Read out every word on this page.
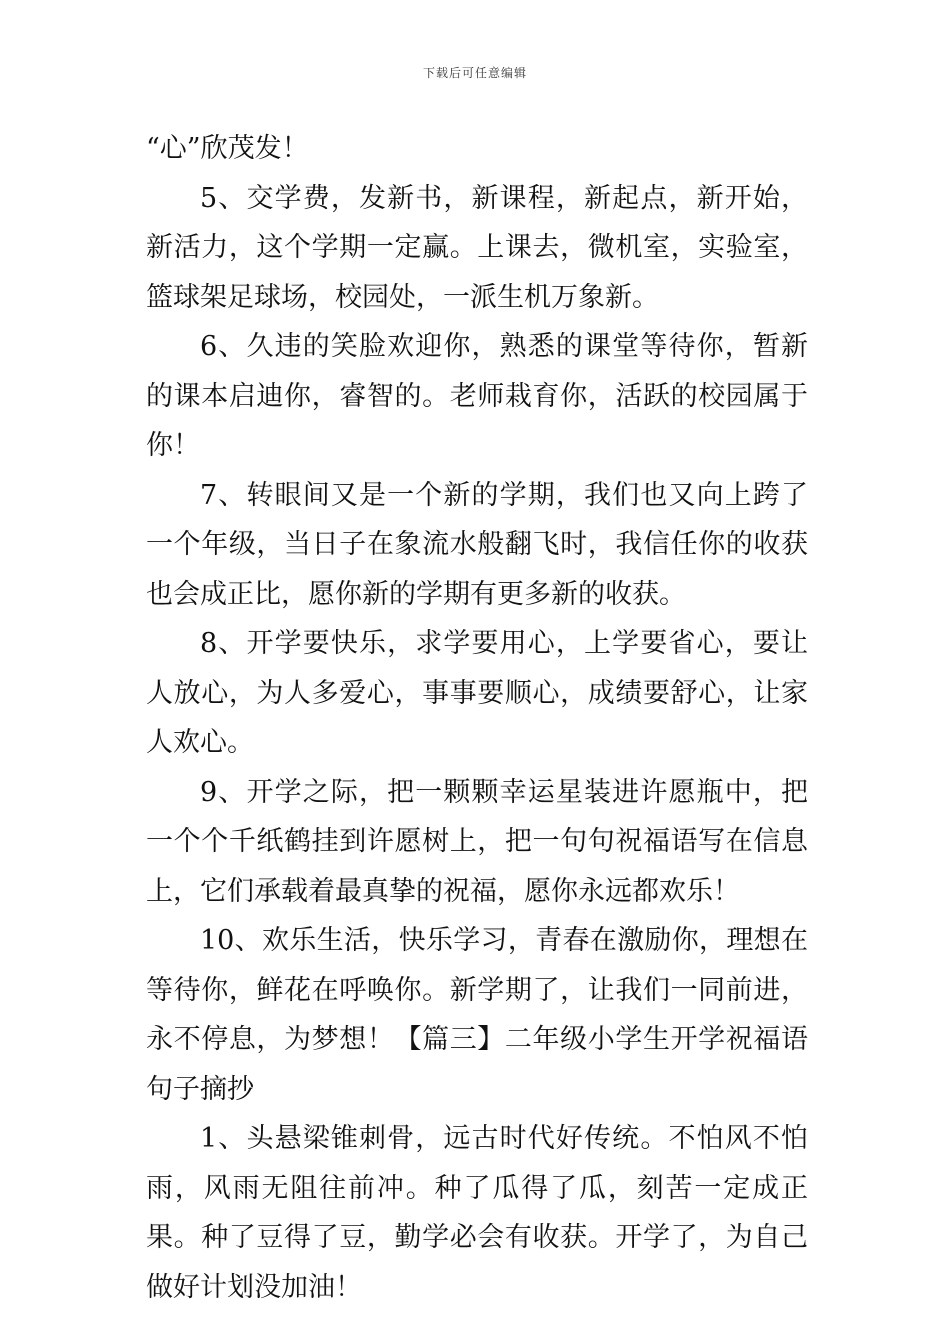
下载后可任意编辑

“心”欣茂发！

5、交学费，发新书，新课程，新起点，新开始，新活力，这个学期一定赢。上课去，微机室，实验室，篮球架足球场，校园处，一派生机万象新。

6、久违的笑脸欢迎你，熟悉的课堂等待你，暂新的课本启迪你，睿智的。老师栽育你，活跃的校园属于你！

7、转眼间又是一个新的学期，我们也又向上跨了一个年级，当日子在象流水般翻飞时，我信任你的收获也会成正比，愿你新的学期有更多新的收获。

8、开学要快乐，求学要用心，上学要省心，要让人放心，为人多爱心，事事要顺心，成绩要舒心，让家人欢心。

9、开学之际，把一颗颗幸运星装进许愿瓶中，把一个个千纸鹤挂到许愿树上，把一句句祝福语写在信息上，它们承载着最真挚的祝福，愿你永远都欢乐！

10、欢乐生活，快乐学习，青春在激励你，理想在等待你，鲜花在呼唤你。新学期了，让我们一同前进，永不停息，为梦想！【篇三】二年级小学生开学祝福语句子摘抄

1、头悬梁锥刺骨，远古时代好传统。不怕风不怕雨，风雨无阻往前冲。种了瓜得了瓜，刻苦一定成正果。种了豆得了豆，勤学必会有收获。开学了，为自己做好计划没加油！
